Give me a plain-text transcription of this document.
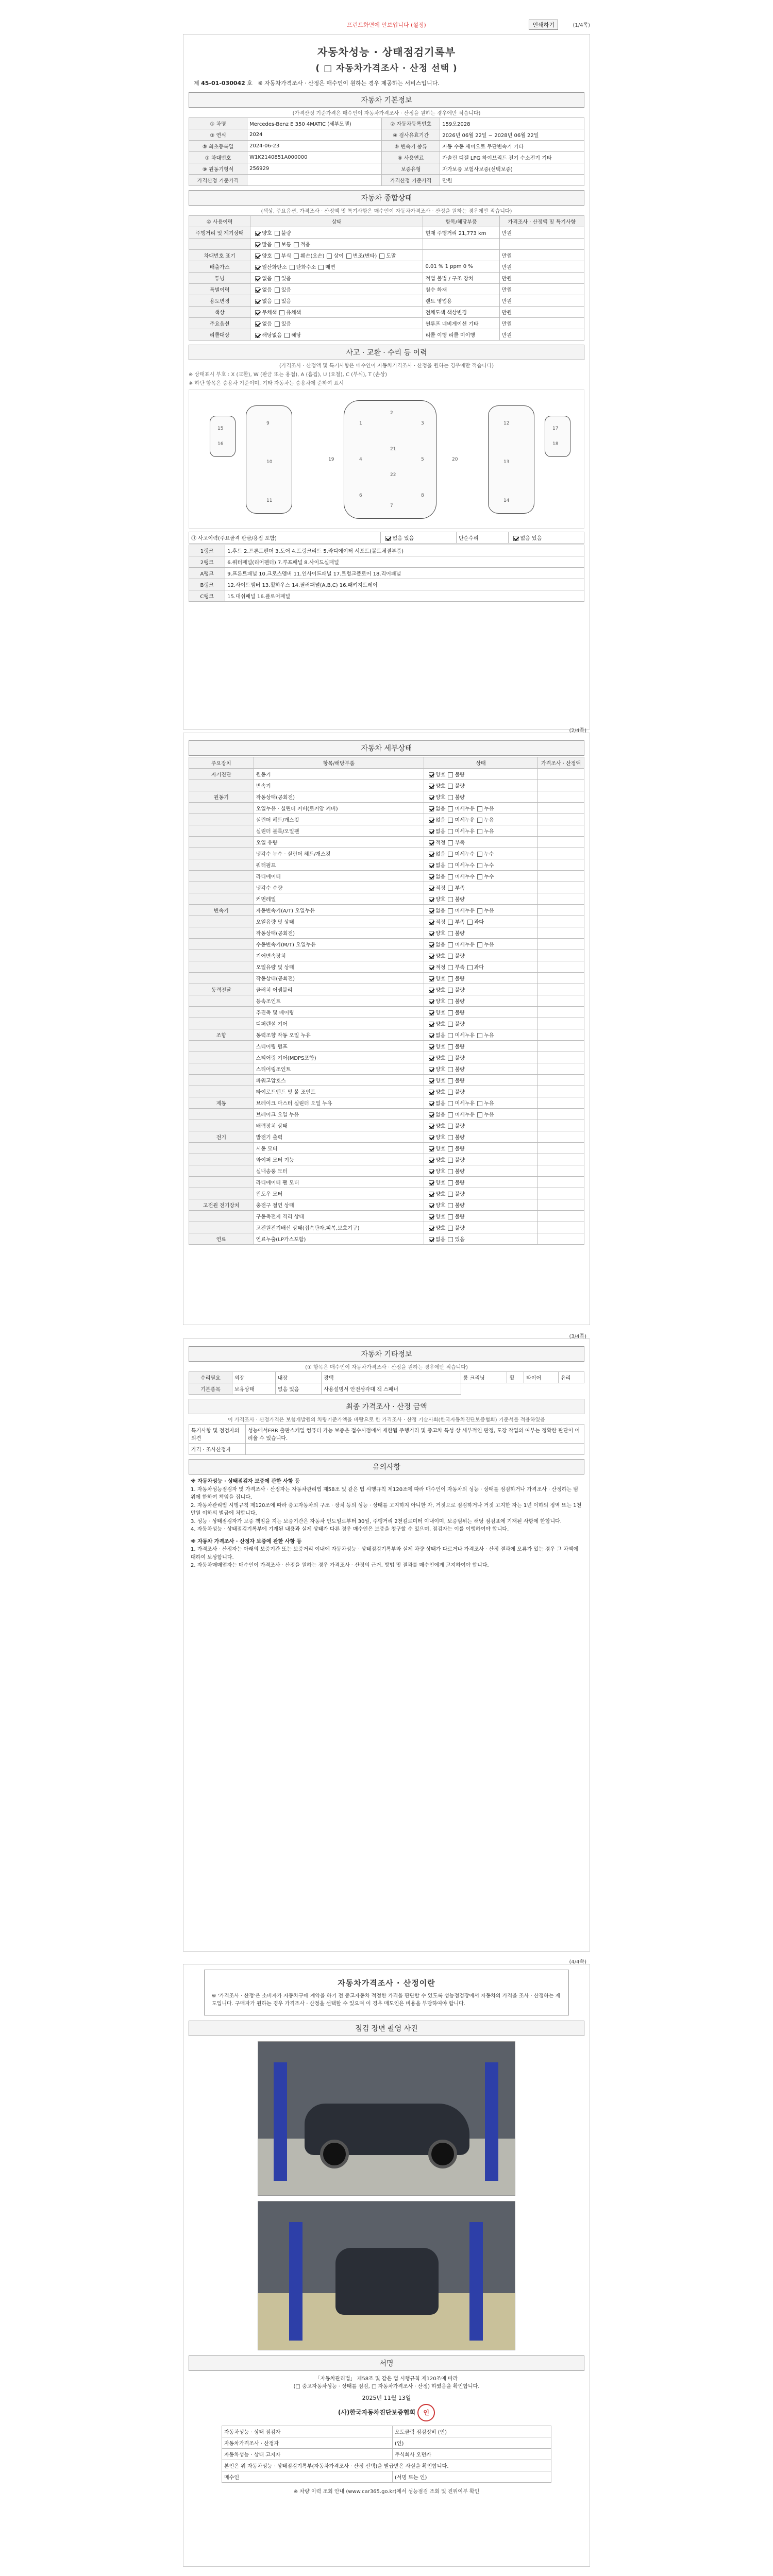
프린트화면에 안보입니다 (설정)	인쇄하기	(1/4쪽)
자동차성능 · 상태점검기록부
( □ 자동차가격조사 · 산정 선택 )
제 45-01-030042 호 ※ 자동차가격조사 · 산정은 매수인이 원하는 경우 제공하는 서비스입니다.
자동차 기본정보
(가격산정 기준가격은 매수인이 자동차가격조사 · 산정을 원하는 경우에만 적습니다)
① 차명	Mercedes-Benz E 350 4MATIC (세부모델)	② 자동차등록번호	159오2028
③ 연식	2024	④ 검사유효기간	2026년 06월 22일 ~ 2028년 06월 22일
⑤ 최초등록일	2024-06-23	⑥ 변속기 종류	자동 수동 세미오토 무단변속기 기타
⑦ 차대번호	W1K2140851A000000	⑧ 사용연료	가솔린 디젤 LPG 하이브리드 전기 수소전기 기타
⑨ 원동기형식	256929	보증유형	자가보증 보험사보증(선택보증)
가격산정 기준가격		가격산정 기준가격	만원
자동차 종합상태
(색상, 주요옵션, 가격조사 · 산정액 및 특기사항은 매수인이 자동차가격조사 · 산정을 원하는 경우에만 적습니다)
⑩ 사용이력	상태	항목/해당부품	가격조사 · 산정액 및 특기사항
주행거리 및 계기상태	양호 불량	현재 주행거리 21,773 km	만원
	많음 보통 적음		
차대번호 표기	양호 부식 훼손(오손) 상이 변조(변타) 도말		만원
배출가스	일산화탄소 탄화수소 매연	0.01 % 1 ppm 0 %	만원
튜닝	없음 있음	적법 불법 / 구조 장치	만원
특별이력	없음 있음	침수 화재	만원
용도변경	없음 있음	렌트 영업용	만원
색상	무채색 유채색	전체도색 색상변경	만원
주요옵션	없음 있음	썬루프 네비게이션 기타	만원
리콜대상	해당없음 해당	리콜 이행 리콜 미이행	만원
사고 · 교환 · 수리 등 이력
(가격조사 · 산정액 및 특기사항은 매수인이 자동차가격조사 · 산정을 원하는 경우에만 적습니다)
※ 상태표시 부호 : X (교환), W (판금 또는 용접), A (흠집), U (요철), C (부식), T (손상)
※ 하단 항목은 승용차 기준이며, 기타 자동차는 승용차에 준하여 표시
1
2
3
4	5
6
7
8
9
10
11
12
13
14
15
16
17
18
19	20
21
22
⑪ 사고이력(주요골격 판금/용접 포함)	없음 있음	단순수리	없음 있음
1랭크	1.후드 2.프론트펜더 3.도어 4.트렁크리드 5.라디에이터 서포트(볼트체결부품)
2랭크	6.쿼터패널(리어펜더) 7.루프패널 8.사이드실패널
A랭크	9.프론트패널 10.크로스멤버 11.인사이드패널 17.트렁크플로어 18.리어패널
B랭크	12.사이드멤버 13.휠하우스 14.필러패널(A,B,C) 16.패키지트레이
C랭크	15.대쉬패널 16.플로어패널
(2/4쪽)
자동차 세부상태
주요장치	항목/해당부품	상태	가격조사 · 산정액
자기진단	원동기	양호 불량	
	변속기	양호 불량	
원동기	작동상태(공회전)	양호 불량	
	오일누유 · 실린더 커버(로커암 커버)	없음 미세누유 누유	
	실린더 헤드/개스킷	없음 미세누유 누유	
	실린더 블록/오일팬	없음 미세누유 누유	
	오일 유량	적정 부족	
	냉각수 누수 · 실린더 헤드/개스킷	없음 미세누수 누수	
	워터펌프	없음 미세누수 누수	
	라디에이터	없음 미세누수 누수	
	냉각수 수량	적정 부족	
	커먼레일	양호 불량	
변속기	자동변속기(A/T) 오일누유	없음 미세누유 누유	
	오일유량 및 상태	적정 부족 과다	
	작동상태(공회전)	양호 불량	
	수동변속기(M/T) 오일누유	없음 미세누유 누유	
	기어변속장치	양호 불량	
	오일유량 및 상태	적정 부족 과다	
	작동상태(공회전)	양호 불량	
동력전달	클러치 어셈블리	양호 불량	
	등속조인트	양호 불량	
	추진축 및 베어링	양호 불량	
	디퍼렌셜 기어	양호 불량	
조향	동력조향 작동 오일 누유	없음 미세누유 누유	
	스티어링 펌프	양호 불량	
	스티어링 기어(MDPS포함)	양호 불량	
	스티어링조인트	양호 불량	
	파워고압호스	양호 불량	
	타이로드엔드 및 볼 조인트	양호 불량	
제동	브레이크 마스터 실린더 오일 누유	없음 미세누유 누유	
	브레이크 오일 누유	없음 미세누유 누유	
	배력장치 상태	양호 불량	
전기	발전기 출력	양호 불량	
	시동 모터	양호 불량	
	와이퍼 모터 기능	양호 불량	
	실내송풍 모터	양호 불량	
	라디에이터 팬 모터	양호 불량	
	윈도우 모터	양호 불량	
고전원 전기장치	충전구 절연 상태	양호 불량	
	구동축전지 격리 상태	양호 불량	
	고전원전기배선 상태(접속단자,피복,보호기구)	양호 불량	
연료	연료누출(LP가스포함)	없음 있음	
(3/4쪽)
자동차 기타정보
(① 항목은 매수인이 자동차가격조사 · 산정을 원하는 경우에만 적습니다)
수리필요	외장	내장	광택	룸 크리닝	휠	타이어	유리
기본품목	보유상태	없음 있음	사용설명서 안전삼각대 잭 스패너				
최종 가격조사 · 산정 금액
이 가격조사 · 산정가격은 보험개발원의 차량기준가액을 바탕으로 한 가격조사 · 산정 기술사회(한국자동차진단보증협회) 기준서를 적용하였음
특기사항 및 점검자의 의견	성능에서ERR 출판스케일 컴퓨터 가능 보증은 접수시점에서 제한됨 주행거리 및 중고차 특성 상 세부적인 판정, 도장 작업의 여부는 정확한 판단이 어려울 수 있습니다.
가격 · 조사산정자	
유의사항

※ 자동차성능 · 상태점검자 보증에 관한 사항 등

1. 자동차성능점검자 및 가격조사 · 산정자는 자동차관리법 제58조 및 같은 법 시행규칙 제120조에 따라 매수인이 자동차의 성능 · 상태를 점검하거나 가격조사 · 산정하는 범위에 한하여 책임을 집니다.

2. 자동차관리법 시행규칙 제120조에 따라 중고자동차의 구조 · 장치 등의 성능 · 상태를 고지하지 아니한 자, 거짓으로 점검하거나 거짓 고지한 자는 1년 이하의 징역 또는 1천만원 이하의 벌금에 처합니다.

3. 성능 · 상태점검자가 보증 책임을 지는 보증기간은 자동차 인도일로부터 30일, 주행거리 2천킬로미터 이내이며, 보증범위는 해당 점검표에 기재된 사항에 한합니다.

4. 자동차성능 · 상태점검기록부에 기재된 내용과 실제 상태가 다른 경우 매수인은 보증을 청구할 수 있으며, 점검자는 이를 이행하여야 합니다.

※ 자동차 가격조사 · 산정자 보증에 관한 사항 등

1. 가격조사 · 산정자는 아래의 보증기간 또는 보증거리 이내에 자동차성능 · 상태점검기록부와 실제 차량 상태가 다르거나 가격조사 · 산정 결과에 오류가 있는 경우 그 차액에 대하여 보상합니다.

2. 자동차매매업자는 매수인이 가격조사 · 산정을 원하는 경우 가격조사 · 산정의 근거, 방법 및 결과를 매수인에게 고지하여야 합니다.

(4/4쪽)
자동차가격조사 · 산정이란
※ '가격조사 · 산정'은 소비자가 자동차구매 계약을 하기 전 중고자동차 적정한 가격을 판단할 수 있도록 성능점검장에서 자동차의 가격을 조사 · 산정하는 제도입니다. 구매자가 원하는 경우 가격조사 · 산정을 선택할 수 있으며 이 경우 매도인은 비용을 부담하여야 합니다.
점검 장면 촬영 사진
서명
「자동차관리법」 제58조 및 같은 법 시행규칙 제120조에 따라
(□ 중고자동차성능 · 상태를 점검, □ 자동차가격조사 · 산정) 하였음을 확인합니다.
2025년 11월 13일
(사)한국자동차진단보증협회 인
자동차성능 · 상태 점검자	오토클릭 점검정비 (인)
자동차가격조사 · 산정자	(인)
자동차성능 · 상태 고지자	주식회사 오던카
본인은 위 자동차성능 · 상태점검기록부(자동차가격조사 · 산정 선택)을 발급받은 사실을 확인합니다.	
매수인	(서명 또는 인)
※ 차량 이력 조회 안내 (www.car365.go.kr)에서 성능점검 조회 및 진위여부 확인
